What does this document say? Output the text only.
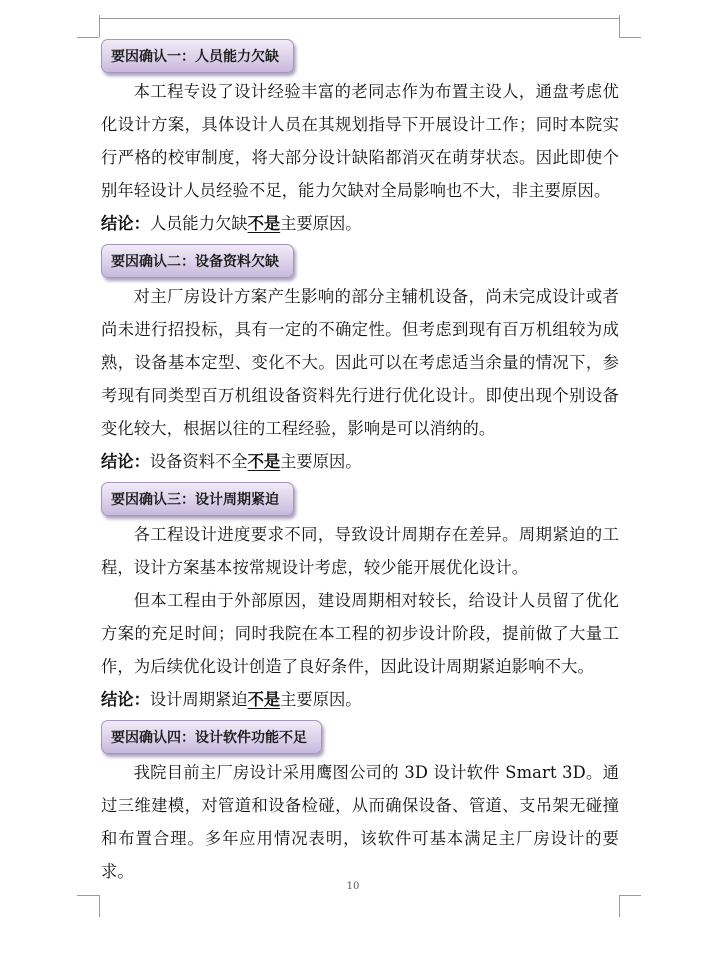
要因确认一：人员能力欠缺

本工程专设了设计经验丰富的老同志作为布置主设人，通盘考虑优化设计方案，具体设计人员在其规划指导下开展设计工作；同时本院实行严格的校审制度，将大部分设计缺陷都消灭在萌芽状态。因此即使个别年轻设计人员经验不足，能力欠缺对全局影响也不大，非主要原因。

结论：人员能力欠缺不是主要原因。

要因确认二：设备资料欠缺

对主厂房设计方案产生影响的部分主辅机设备，尚未完成设计或者尚未进行招投标，具有一定的不确定性。但考虑到现有百万机组较为成熟，设备基本定型、变化不大。因此可以在考虑适当余量的情况下，参考现有同类型百万机组设备资料先行进行优化设计。即使出现个别设备变化较大，根据以往的工程经验，影响是可以消纳的。

结论：设备资料不全不是主要原因。

要因确认三：设计周期紧迫

各工程设计进度要求不同，导致设计周期存在差异。周期紧迫的工程，设计方案基本按常规设计考虑，较少能开展优化设计。

但本工程由于外部原因，建设周期相对较长，给设计人员留了优化方案的充足时间；同时我院在本工程的初步设计阶段，提前做了大量工作，为后续优化设计创造了良好条件，因此设计周期紧迫影响不大。

结论：设计周期紧迫不是主要原因。

要因确认四：设计软件功能不足

我院目前主厂房设计采用鹰图公司的 3D 设计软件 Smart 3D。通过三维建模，对管道和设备检碰，从而确保设备、管道、支吊架无碰撞和布置合理。多年应用情况表明，该软件可基本满足主厂房设计的要求。

10
